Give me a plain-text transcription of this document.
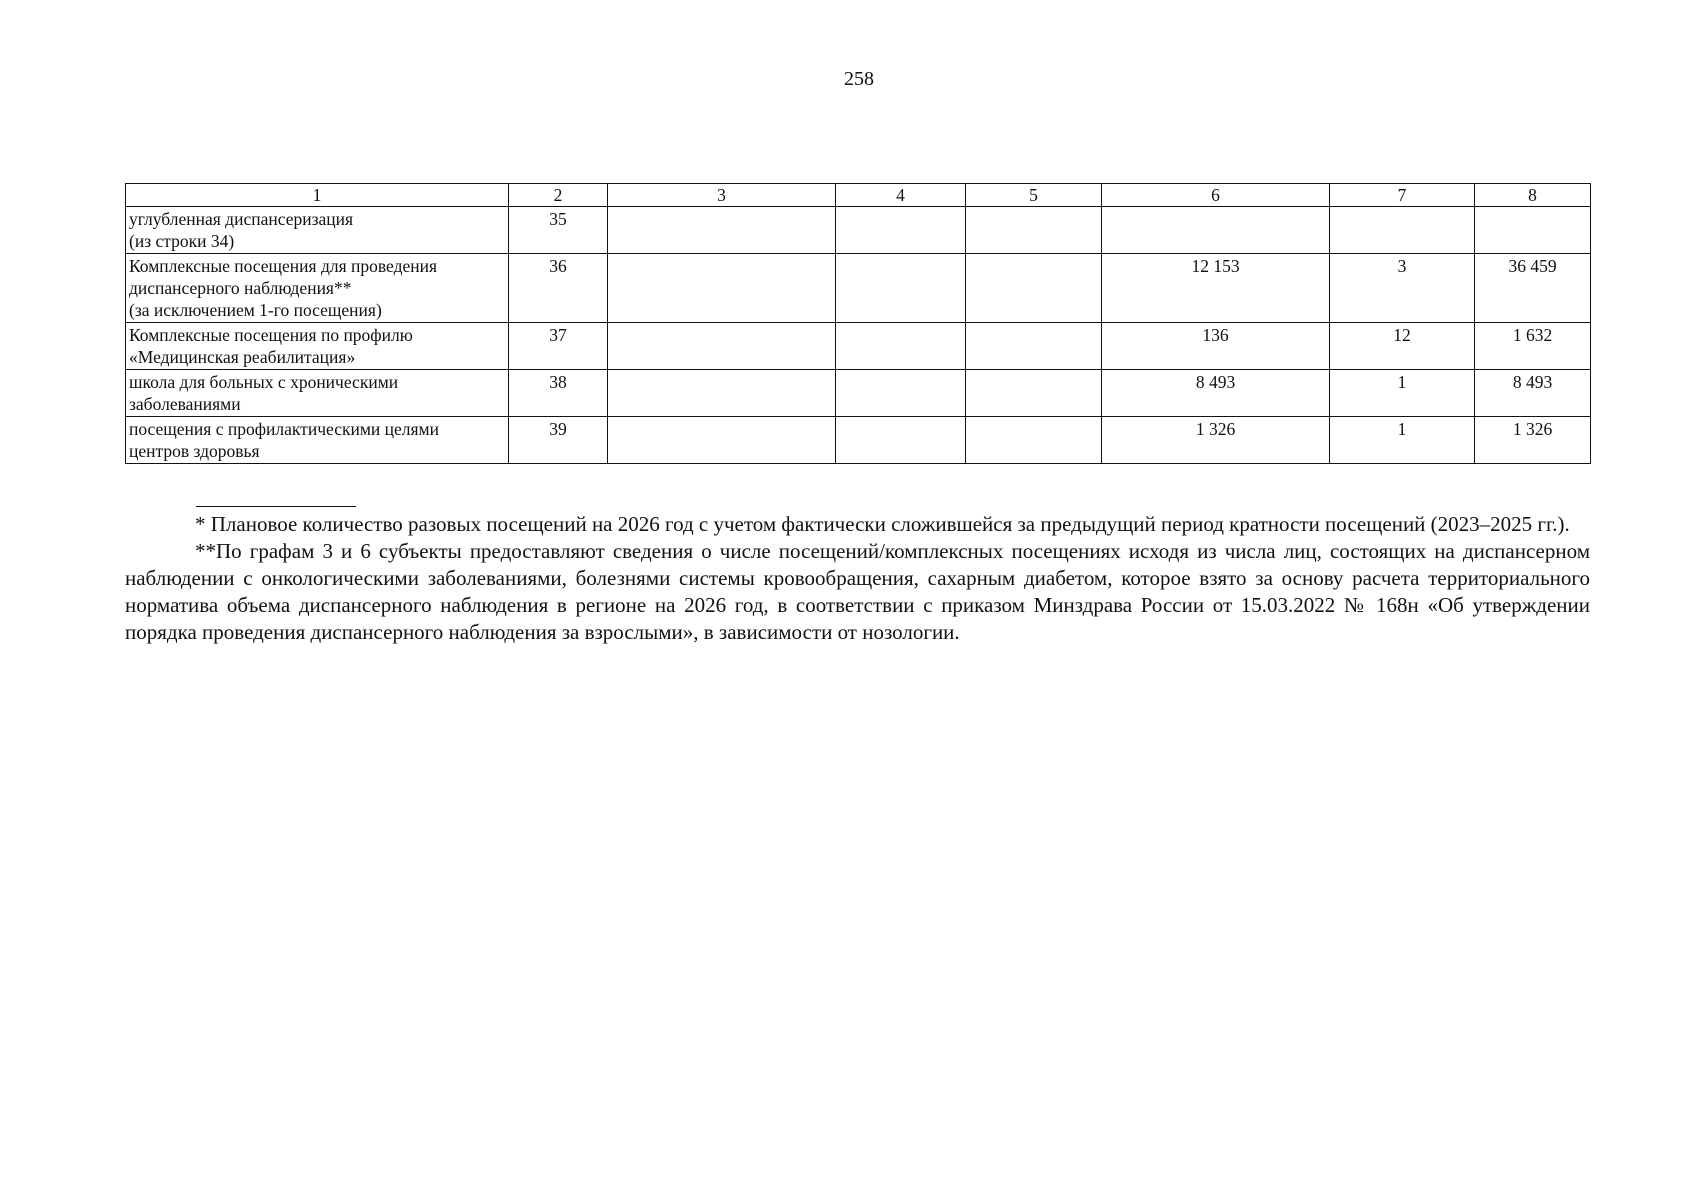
258
1	2	3	4	5	6	7	8

углубленная диспансеризация
(из строки 34)	35						

Комплексные посещения для проведения
диспансерного наблюдения**
(за исключением 1-го посещения)	36				12 153	3	36 459

Комплексные посещения по профилю
«Медицинская реабилитация»	37				136	12	1 632

школа для больных с хроническими
заболеваниями	38				8 493	1	8 493

посещения с профилактическими целями
центров здоровья	39				1 326	1	1 326

* Плановое количество разовых посещений на 2026 год с учетом фактически сложившейся за предыдущий период кратности посещений (2023–2025 гг.).

**По графам 3 и 6 субъекты предоставляют сведения о числе посещений/комплексных посещениях исходя из числа лиц, состоящих на диспансерном наблюдении с онкологическими заболеваниями, болезнями системы кровообращения, сахарным диабетом, которое взято за основу расчета территориального норматива объема диспансерного наблюдения в регионе на 2026 год, в соответствии с приказом Минздрава России от 15.03.2022 № 168н «Об утверждении порядка проведения диспансерного наблюдения за взрослыми», в зависимости от нозологии.
